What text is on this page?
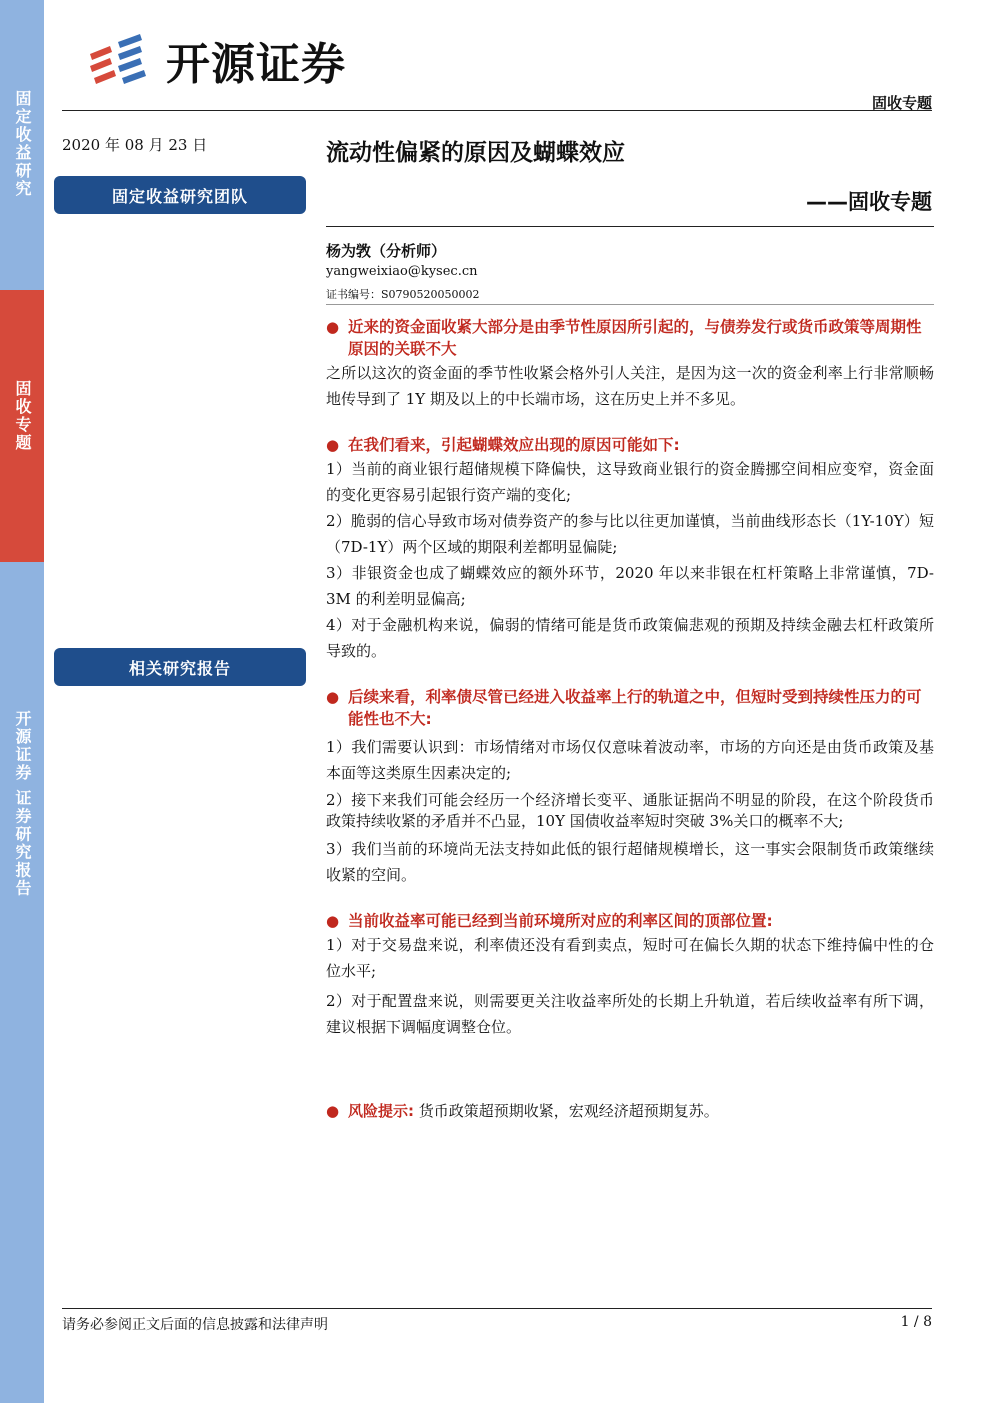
固定收益研究
固收专题
开源证券 证券研究报告
开源证券
固收专题
2020 年 08 月 23 日
固定收益研究团队
相关研究报告
流动性偏紧的原因及蝴蝶效应
——固收专题
杨为敩（分析师）
yangweixiao@kysec.cn
证书编号：S0790520050002
● 近来的资金面收紧大部分是由季节性原因所引起的，与债券发行或货币政策等周期性原因的关联不大
之所以这次的资金面的季节性收紧会格外引人关注，是因为这一次的资金利率上行非常顺畅地传导到了 1Y 期及以上的中长端市场，这在历史上并不多见。
● 在我们看来，引起蝴蝶效应出现的原因可能如下:
1）当前的商业银行超储规模下降偏快，这导致商业银行的资金腾挪空间相应变窄，资金面的变化更容易引起银行资产端的变化;
2）脆弱的信心导致市场对债券资产的参与比以往更加谨慎，当前曲线形态长（1Y-10Y）短（7D-1Y）两个区域的期限利差都明显偏陡;
3）非银资金也成了蝴蝶效应的额外环节，2020 年以来非银在杠杆策略上非常谨慎，7D-3M 的利差明显偏高;
4）对于金融机构来说，偏弱的情绪可能是货币政策偏悲观的预期及持续金融去杠杆政策所导致的。
● 后续来看，利率债尽管已经进入收益率上行的轨道之中，但短时受到持续性压力的可能性也不大:
1）我们需要认识到：市场情绪对市场仅仅意味着波动率，市场的方向还是由货币政策及基本面等这类原生因素决定的;
2）接下来我们可能会经历一个经济增长变平、通胀证据尚不明显的阶段，在这个阶段货币政策持续收紧的矛盾并不凸显，10Y 国债收益率短时突破 3%关口的概率不大;
3）我们当前的环境尚无法支持如此低的银行超储规模增长，这一事实会限制货币政策继续收紧的空间。
● 当前收益率可能已经到当前环境所对应的利率区间的顶部位置:
1）对于交易盘来说，利率债还没有看到卖点，短时可在偏长久期的状态下维持偏中性的仓位水平;
2）对于配置盘来说，则需要更关注收益率所处的长期上升轨道，若后续收益率有所下调，建议根据下调幅度调整仓位。
● 风险提示: 货币政策超预期收紧，宏观经济超预期复苏。
请务必参阅正文后面的信息披露和法律声明	1 / 8
